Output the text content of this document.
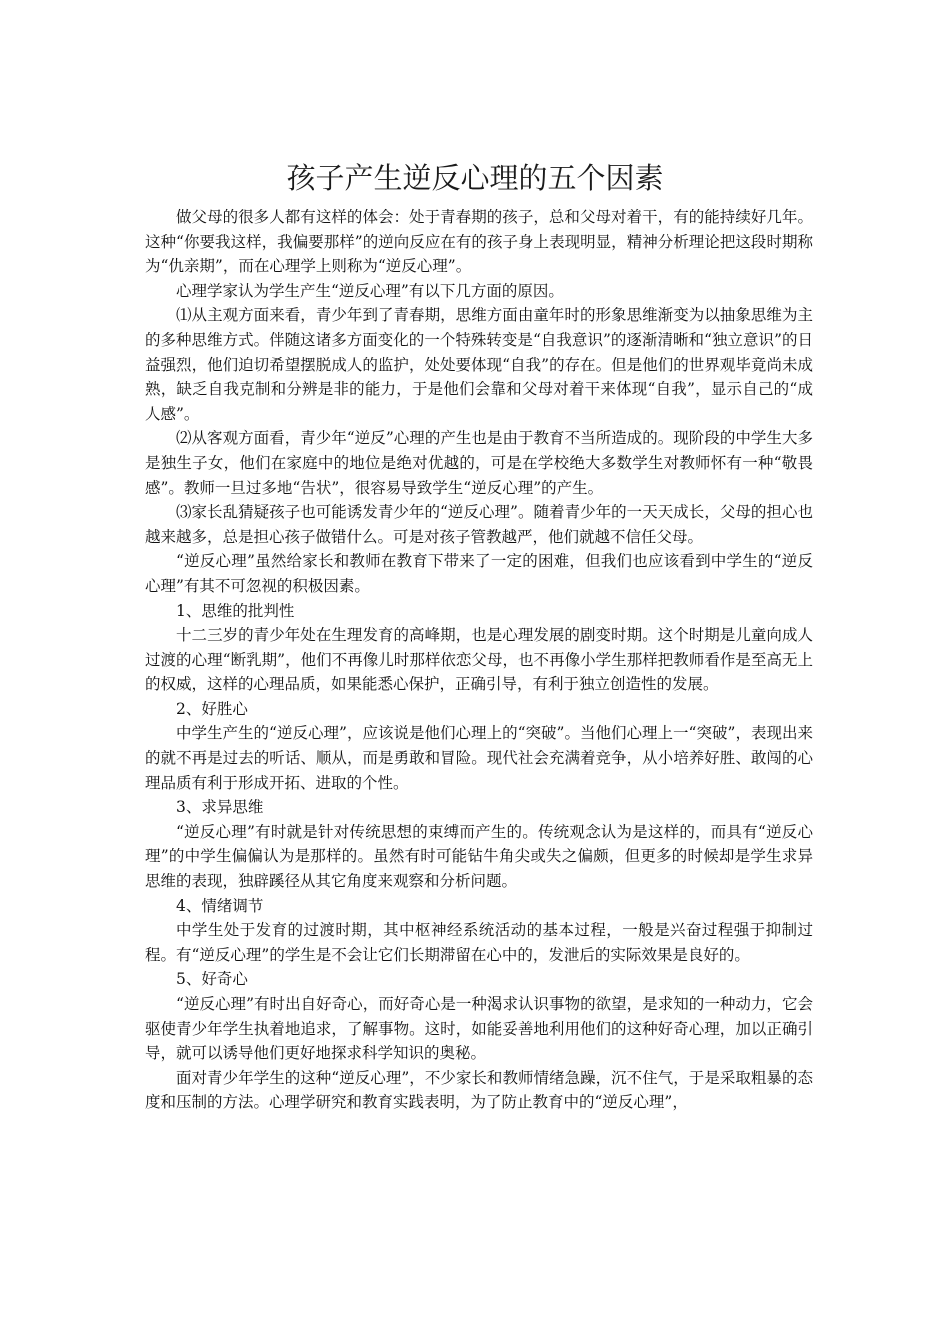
孩子产生逆反心理的五个因素

做父母的很多人都有这样的体会：处于青春期的孩子，总和父母对着干，有的能持续好几年。这种“你要我这样，我偏要那样”的逆向反应在有的孩子身上表现明显，精神分析理论把这段时期称为“仇亲期”，而在心理学上则称为“逆反心理”。

心理学家认为学生产生“逆反心理”有以下几方面的原因。

⑴从主观方面来看，青少年到了青春期，思维方面由童年时的形象思维渐变为以抽象思维为主的多种思维方式。伴随这诸多方面变化的一个特殊转变是“自我意识”的逐渐清晰和“独立意识”的日益强烈，他们迫切希望摆脱成人的监护，处处要体现“自我”的存在。但是他们的世界观毕竟尚未成熟，缺乏自我克制和分辨是非的能力，于是他们会靠和父母对着干来体现“自我”，显示自己的“成人感”。

⑵从客观方面看，青少年“逆反”心理的产生也是由于教育不当所造成的。现阶段的中学生大多是独生子女，他们在家庭中的地位是绝对优越的，可是在学校绝大多数学生对教师怀有一种“敬畏感”。教师一旦过多地“告状”，很容易导致学生“逆反心理”的产生。

⑶家长乱猜疑孩子也可能诱发青少年的“逆反心理”。随着青少年的一天天成长，父母的担心也越来越多，总是担心孩子做错什么。可是对孩子管教越严，他们就越不信任父母。

“逆反心理”虽然给家长和教师在教育下带来了一定的困难，但我们也应该看到中学生的“逆反心理”有其不可忽视的积极因素。

1、思维的批判性

十二三岁的青少年处在生理发育的高峰期，也是心理发展的剧变时期。这个时期是儿童向成人过渡的心理“断乳期”，他们不再像儿时那样依恋父母，也不再像小学生那样把教师看作是至高无上的权威，这样的心理品质，如果能悉心保护，正确引导，有利于独立创造性的发展。

2、好胜心

中学生产生的“逆反心理”，应该说是他们心理上的“突破”。当他们心理上一“突破”，表现出来的就不再是过去的听话、顺从，而是勇敢和冒险。现代社会充满着竞争，从小培养好胜、敢闯的心理品质有利于形成开拓、进取的个性。

3、求异思维

“逆反心理”有时就是针对传统思想的束缚而产生的。传统观念认为是这样的，而具有“逆反心理”的中学生偏偏认为是那样的。虽然有时可能钻牛角尖或失之偏颇，但更多的时候却是学生求异思维的表现，独辟蹊径从其它角度来观察和分析问题。

4、情绪调节

中学生处于发育的过渡时期，其中枢神经系统活动的基本过程，一般是兴奋过程强于抑制过程。有“逆反心理”的学生是不会让它们长期滞留在心中的，发泄后的实际效果是良好的。

5、好奇心

“逆反心理”有时出自好奇心，而好奇心是一种渴求认识事物的欲望，是求知的一种动力，它会驱使青少年学生执着地追求，了解事物。这时，如能妥善地利用他们的这种好奇心理，加以正确引导，就可以诱导他们更好地探求科学知识的奥秘。

面对青少年学生的这种“逆反心理”，不少家长和教师情绪急躁，沉不住气，于是采取粗暴的态度和压制的方法。心理学研究和教育实践表明，为了防止教育中的“逆反心理”，
